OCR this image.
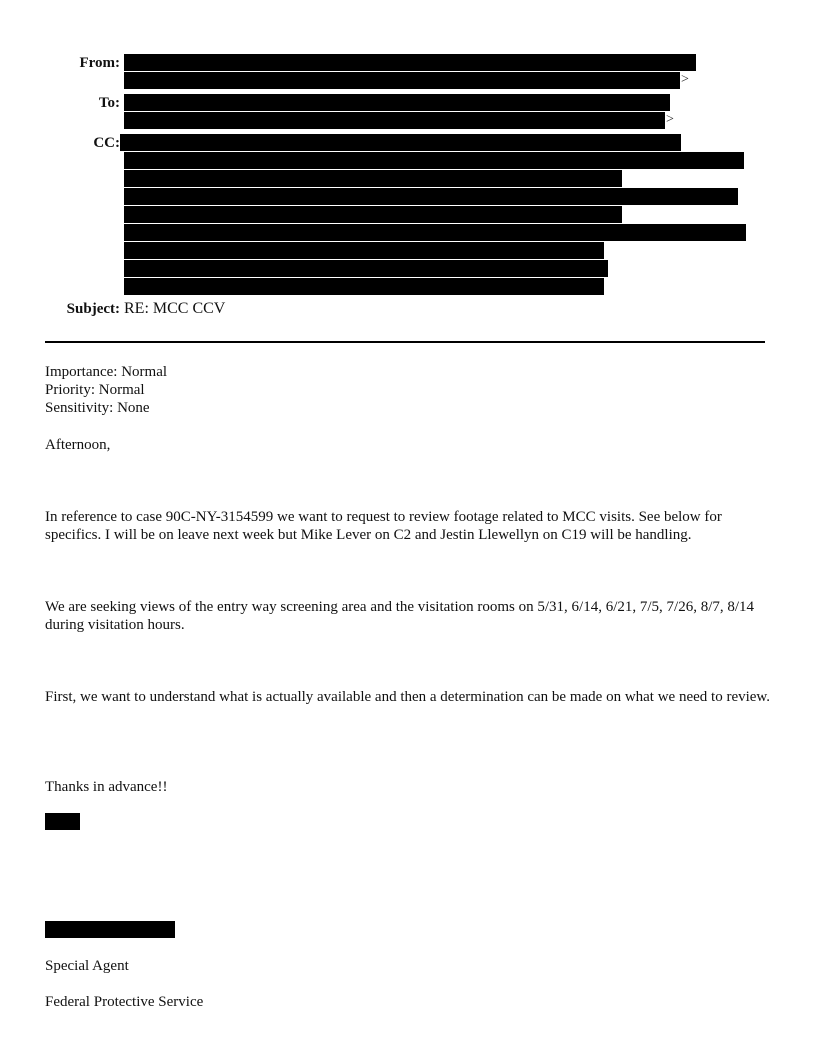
From:
>
To:
>
CC:
Subject: RE: MCC CCV
Importance: Normal
Priority: Normal
Sensitivity: None
Afternoon,
In reference to case 90C-NY-3154599 we want to request to review footage related to MCC visits. See below for specifics. I will be on leave next week but Mike Lever on C2 and Jestin Llewellyn on C19 will be handling.
We are seeking views of the entry way screening area and the visitation rooms on 5/31, 6/14, 6/21, 7/5, 7/26, 8/7, 8/14 during visitation hours.
First, we want to understand what is actually available and then a determination can be made on what we need to review.
Thanks in advance!!
Special Agent
Federal Protective Service
